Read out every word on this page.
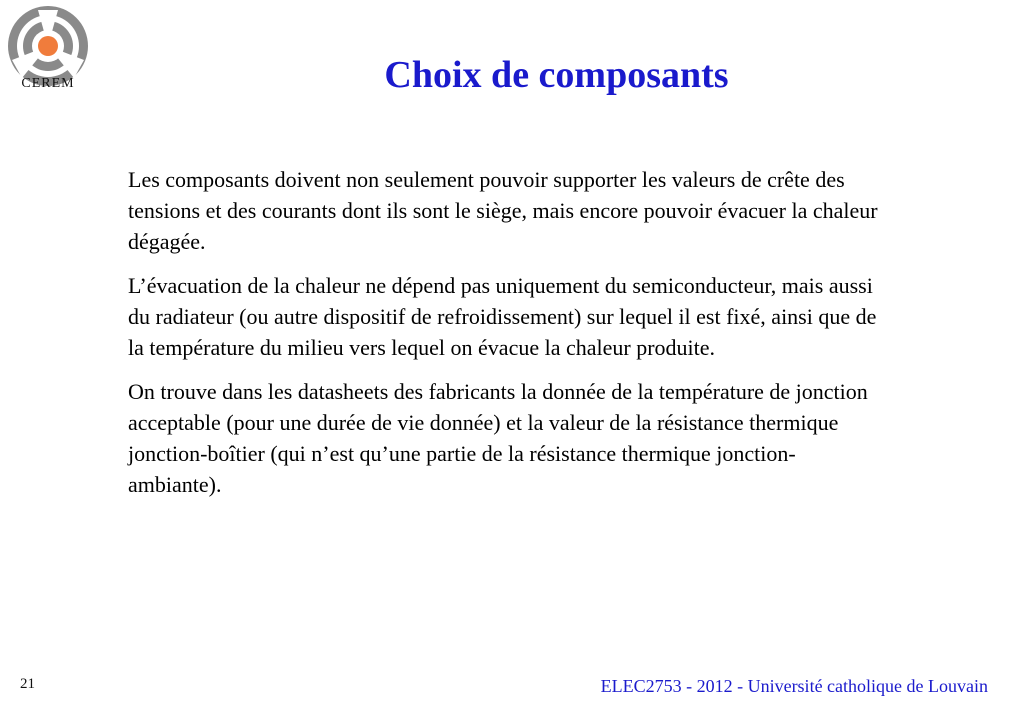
CEREM	Choix de composants

Les composants doivent non seulement pouvoir supporter les valeurs de crête des tensions et des courants dont ils sont le siège, mais encore pouvoir évacuer la chaleur dégagée.

L’évacuation de la chaleur ne dépend pas uniquement du semiconducteur, mais aussi du radiateur (ou autre dispositif de refroidissement) sur lequel il est fixé, ainsi que de la température du milieu vers lequel on évacue la chaleur produite.

On trouve dans les datasheets des fabricants la donnée de la température de jonction acceptable (pour une durée de vie donnée) et la valeur de la résistance thermique jonction-boîtier (qui n’est qu’une partie de la résistance thermique jonction-ambiante).

21	ELEC2753 - 2012 - Université catholique de Louvain
